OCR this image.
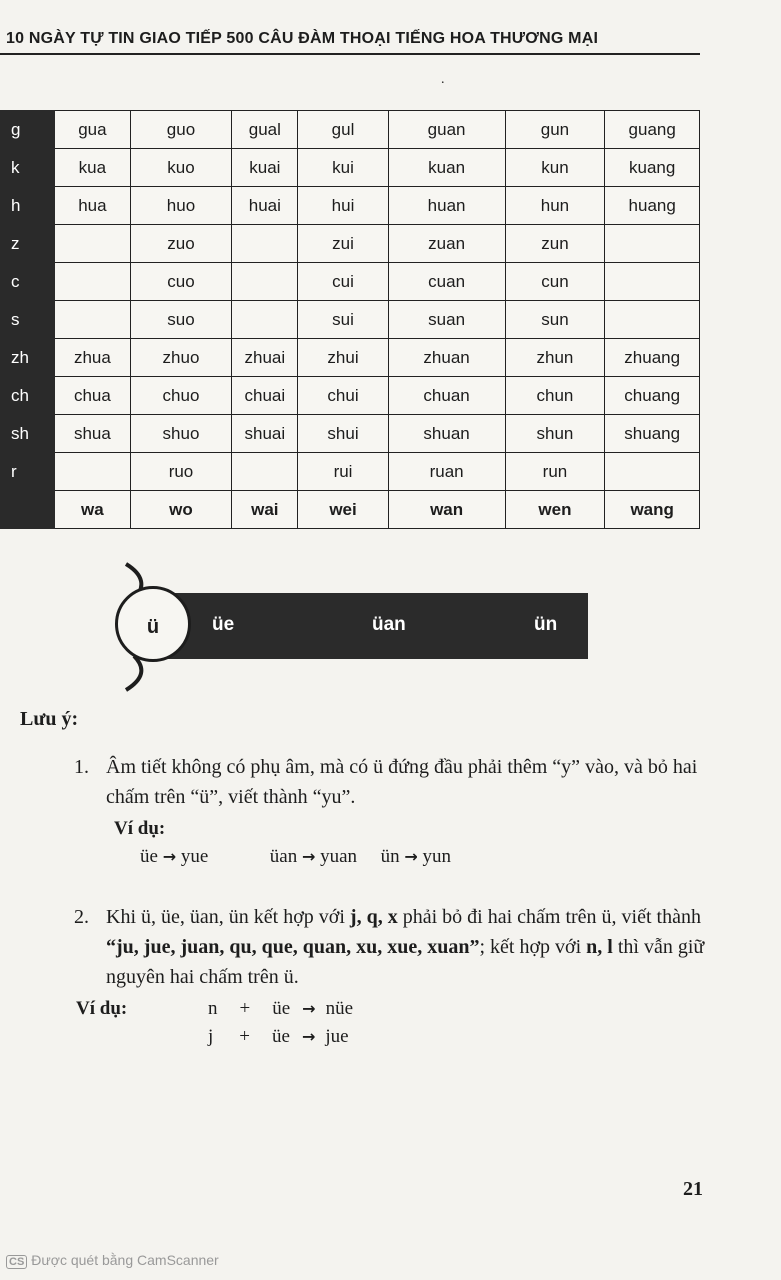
10 NGÀY TỰ TIN GIAO TIẾP 500 CÂU ĐÀM THOẠI TIẾNG HOA THƯƠNG MẠI
.
g	gua	guo	gual	gul	guan	gun	guang
k	kua	kuo	kuai	kui	kuan	kun	kuang
h	hua	huo	huai	hui	huan	hun	huang
z		zuo		zui	zuan	zun	
c		cuo		cui	cuan	cun	
s		suo		sui	suan	sun	
zh	zhua	zhuo	zhuai	zhui	zhuan	zhun	zhuang
ch	chua	chuo	chuai	chui	chuan	chun	chuang
sh	shua	shuo	shuai	shui	shuan	shun	shuang
r		ruo		rui	ruan	run	
	wa	wo	wai	wei	wan	wen	wang
üe	üan	ün
ü
Lưu ý:
1. Âm tiết không có phụ âm, mà có ü đứng đầu phải thêm “y” vào, và bỏ hai chấm trên “ü”, viết thành “yu”.
Ví dụ:
üe → yue	üan → yuan ün → yun
2. Khi ü, üe, üan, ün kết hợp với j, q, x phải bỏ đi hai chấm trên ü, viết thành “ju, jue, juan, qu, que, quan, xu, xue, xuan”; kết hợp với n, l thì vẫn giữ nguyên hai chấm trên ü.
Ví dụ:	n + üe → nüe
j + üe → jue
21
CS Được quét bằng CamScanner
